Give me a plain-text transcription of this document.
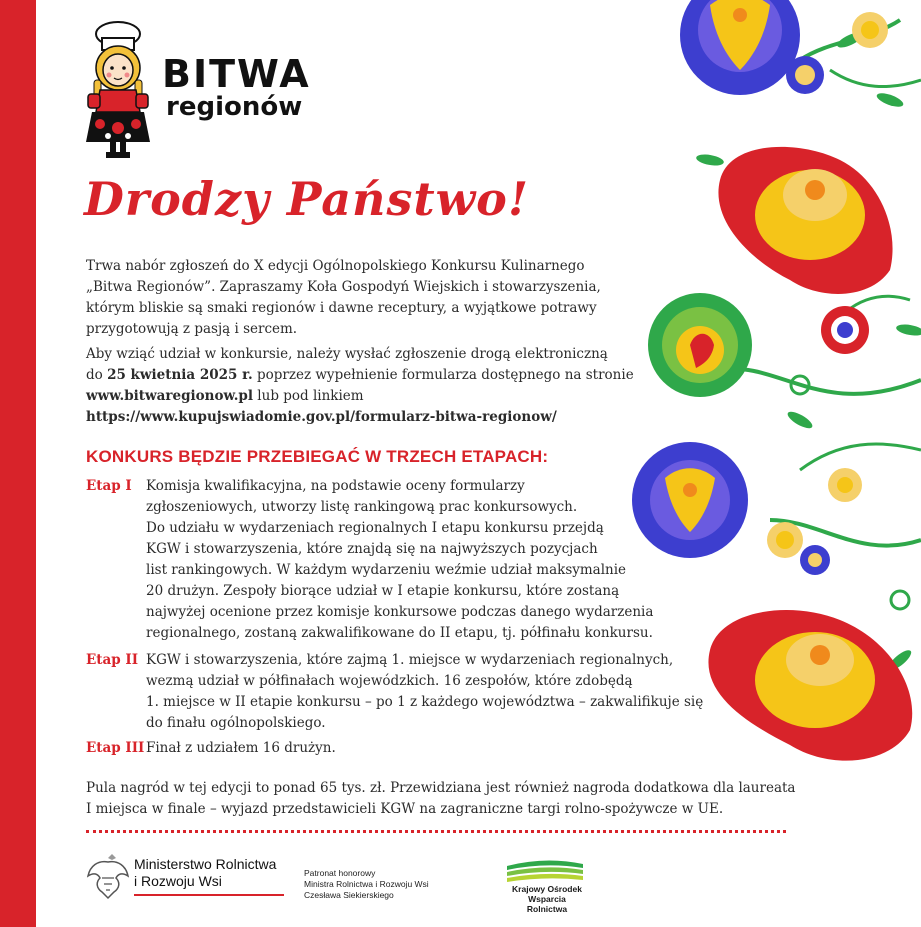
BITWA
regionów
Drodzy Państwo!
Trwa nabór zgłoszeń do X edycji Ogólnopolskiego Konkursu Kulinarnego
„Bitwa Regionów”. Zapraszamy Koła Gospodyń Wiejskich i stowarzyszenia,
którym bliskie są smaki regionów i dawne receptury, a wyjątkowe potrawy
przygotowują z pasją i sercem.
Aby wziąć udział w konkursie, należy wysłać zgłoszenie drogą elektroniczną
do 25 kwietnia 2025 r. poprzez wypełnienie formularza dostępnego na stronie
www.bitwaregionow.pl lub pod linkiem
https://www.kupujswiadomie.gov.pl/formularz-bitwa-regionow/
KONKURS BĘDZIE PRZEBIEGAĆ W TRZECH ETAPACH:
Etap I	Komisja kwalifikacyjna, na podstawie oceny formularzy
zgłoszeniowych, utworzy listę rankingową prac konkursowych.
Do udziału w wydarzeniach regionalnych I etapu konkursu przejdą
KGW i stowarzyszenia, które znajdą się na najwyższych pozycjach
list rankingowych. W każdym wydarzeniu weźmie udział maksymalnie
20 drużyn. Zespoły biorące udział w I etapie konkursu, które zostaną
najwyżej ocenione przez komisje konkursowe podczas danego wydarzenia
regionalnego, zostaną zakwalifikowane do II etapu, tj. półfinału konkursu.
Etap II KGW i stowarzyszenia, które zajmą 1. miejsce w wydarzeniach regionalnych,
wezmą udział w półfinałach wojewódzkich. 16 zespołów, które zdobędą
1. miejsce w II etapie konkursu – po 1 z każdego województwa – zakwalifikuje się
do finału ogólnopolskiego.
Etap III Finał z udziałem 16 drużyn.
Pula nagród w tej edycji to ponad 65 tys. zł. Przewidziana jest również nagroda dodatkowa dla laureata
I miejsca w finale – wyjazd przedstawicieli KGW na zagraniczne targi rolno-spożywcze w UE.
Ministerstwo Rolnictwa
i Rozwoju Wsi	Patronat honorowy
Ministra Rolnictwa i Rozwoju Wsi
Czesława Siekierskiego
Krajowy Ośrodek
Wsparcia Rolnictwa
